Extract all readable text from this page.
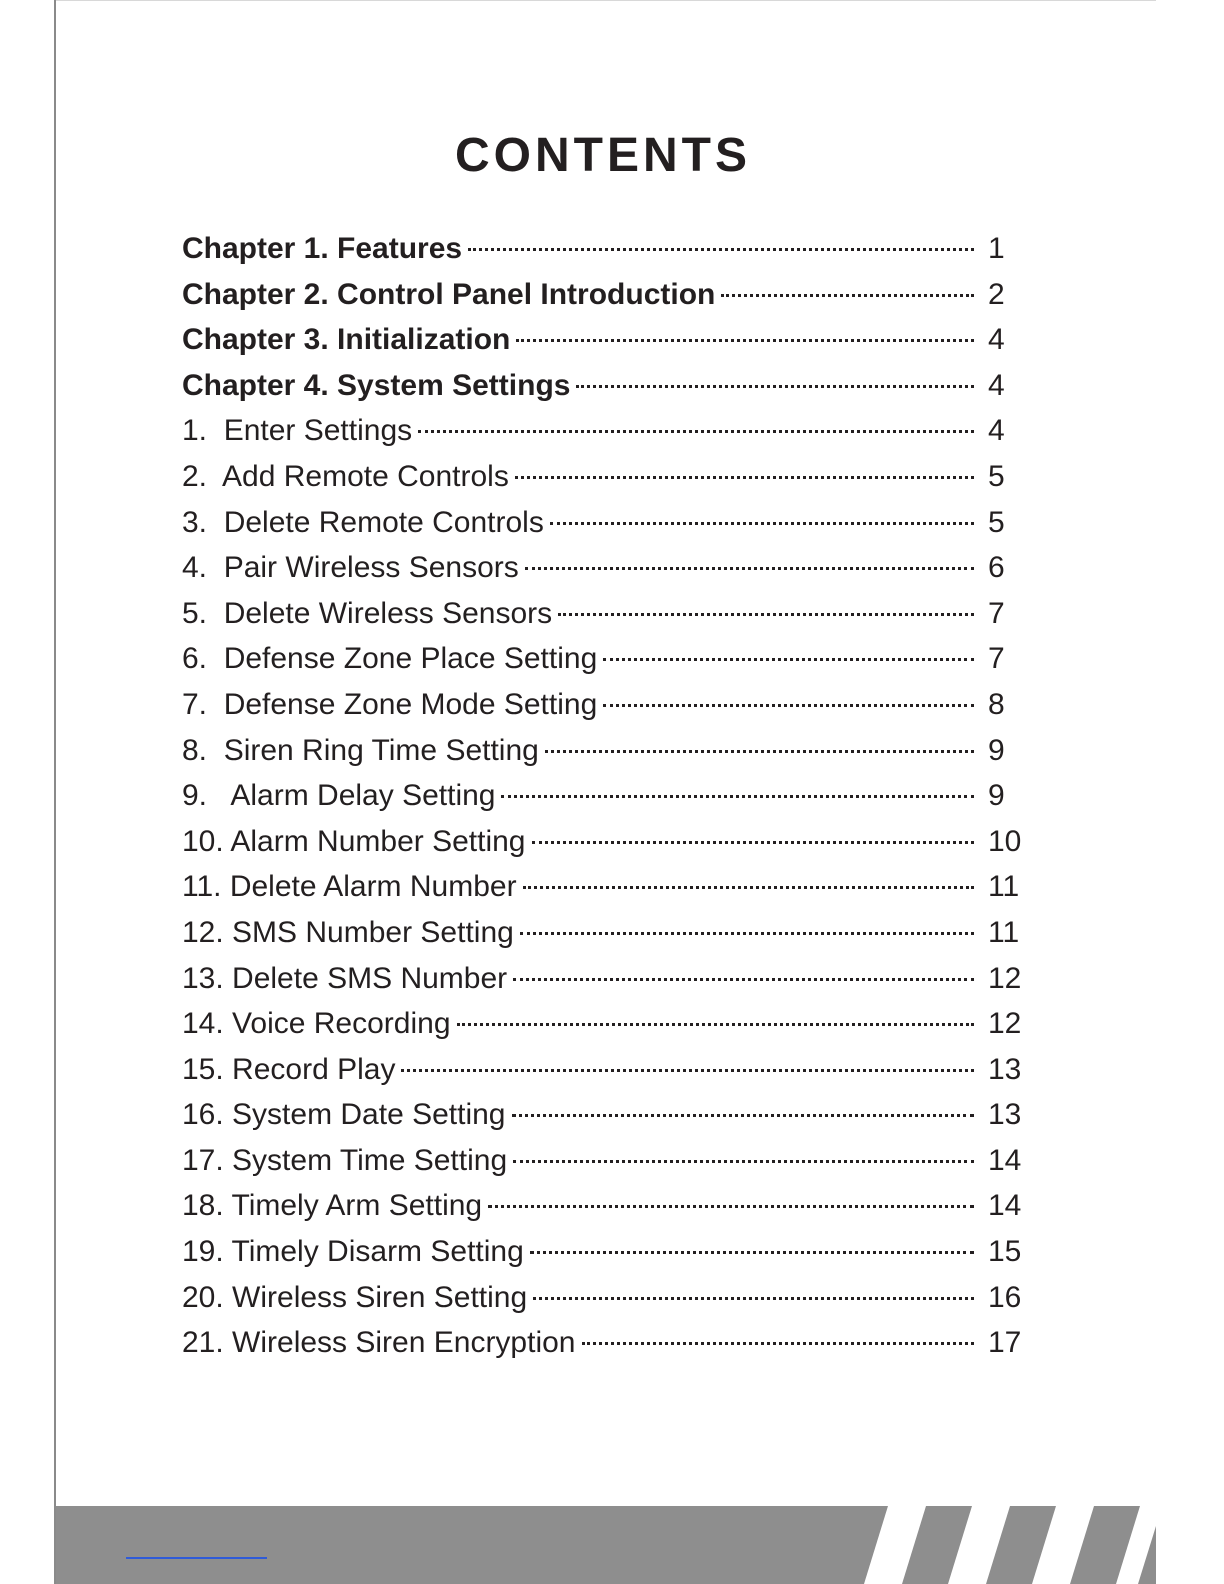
CONTENTS
Chapter 1. Features	1
Chapter 2. Control Panel Introduction	2
Chapter 3. Initialization	4
Chapter 4. System Settings	4
1.  Enter Settings	4
2.  Add Remote Controls	5
3.  Delete Remote Controls	5
4.  Pair Wireless Sensors	6
5.  Delete Wireless Sensors	7
6.  Defense Zone Place Setting	7
7.  Defense Zone Mode Setting	8
8.  Siren Ring Time Setting	9
9.   Alarm Delay Setting	9
10. Alarm Number Setting	10
11. Delete Alarm Number	11
12. SMS Number Setting	11
13. Delete SMS Number	12
14. Voice Recording	12
15. Record Play	13
16. System Date Setting	13
17. System Time Setting	14
18. Timely Arm Setting	14
19. Timely Disarm Setting	15
20. Wireless Siren Setting	16
21. Wireless Siren Encryption	17
